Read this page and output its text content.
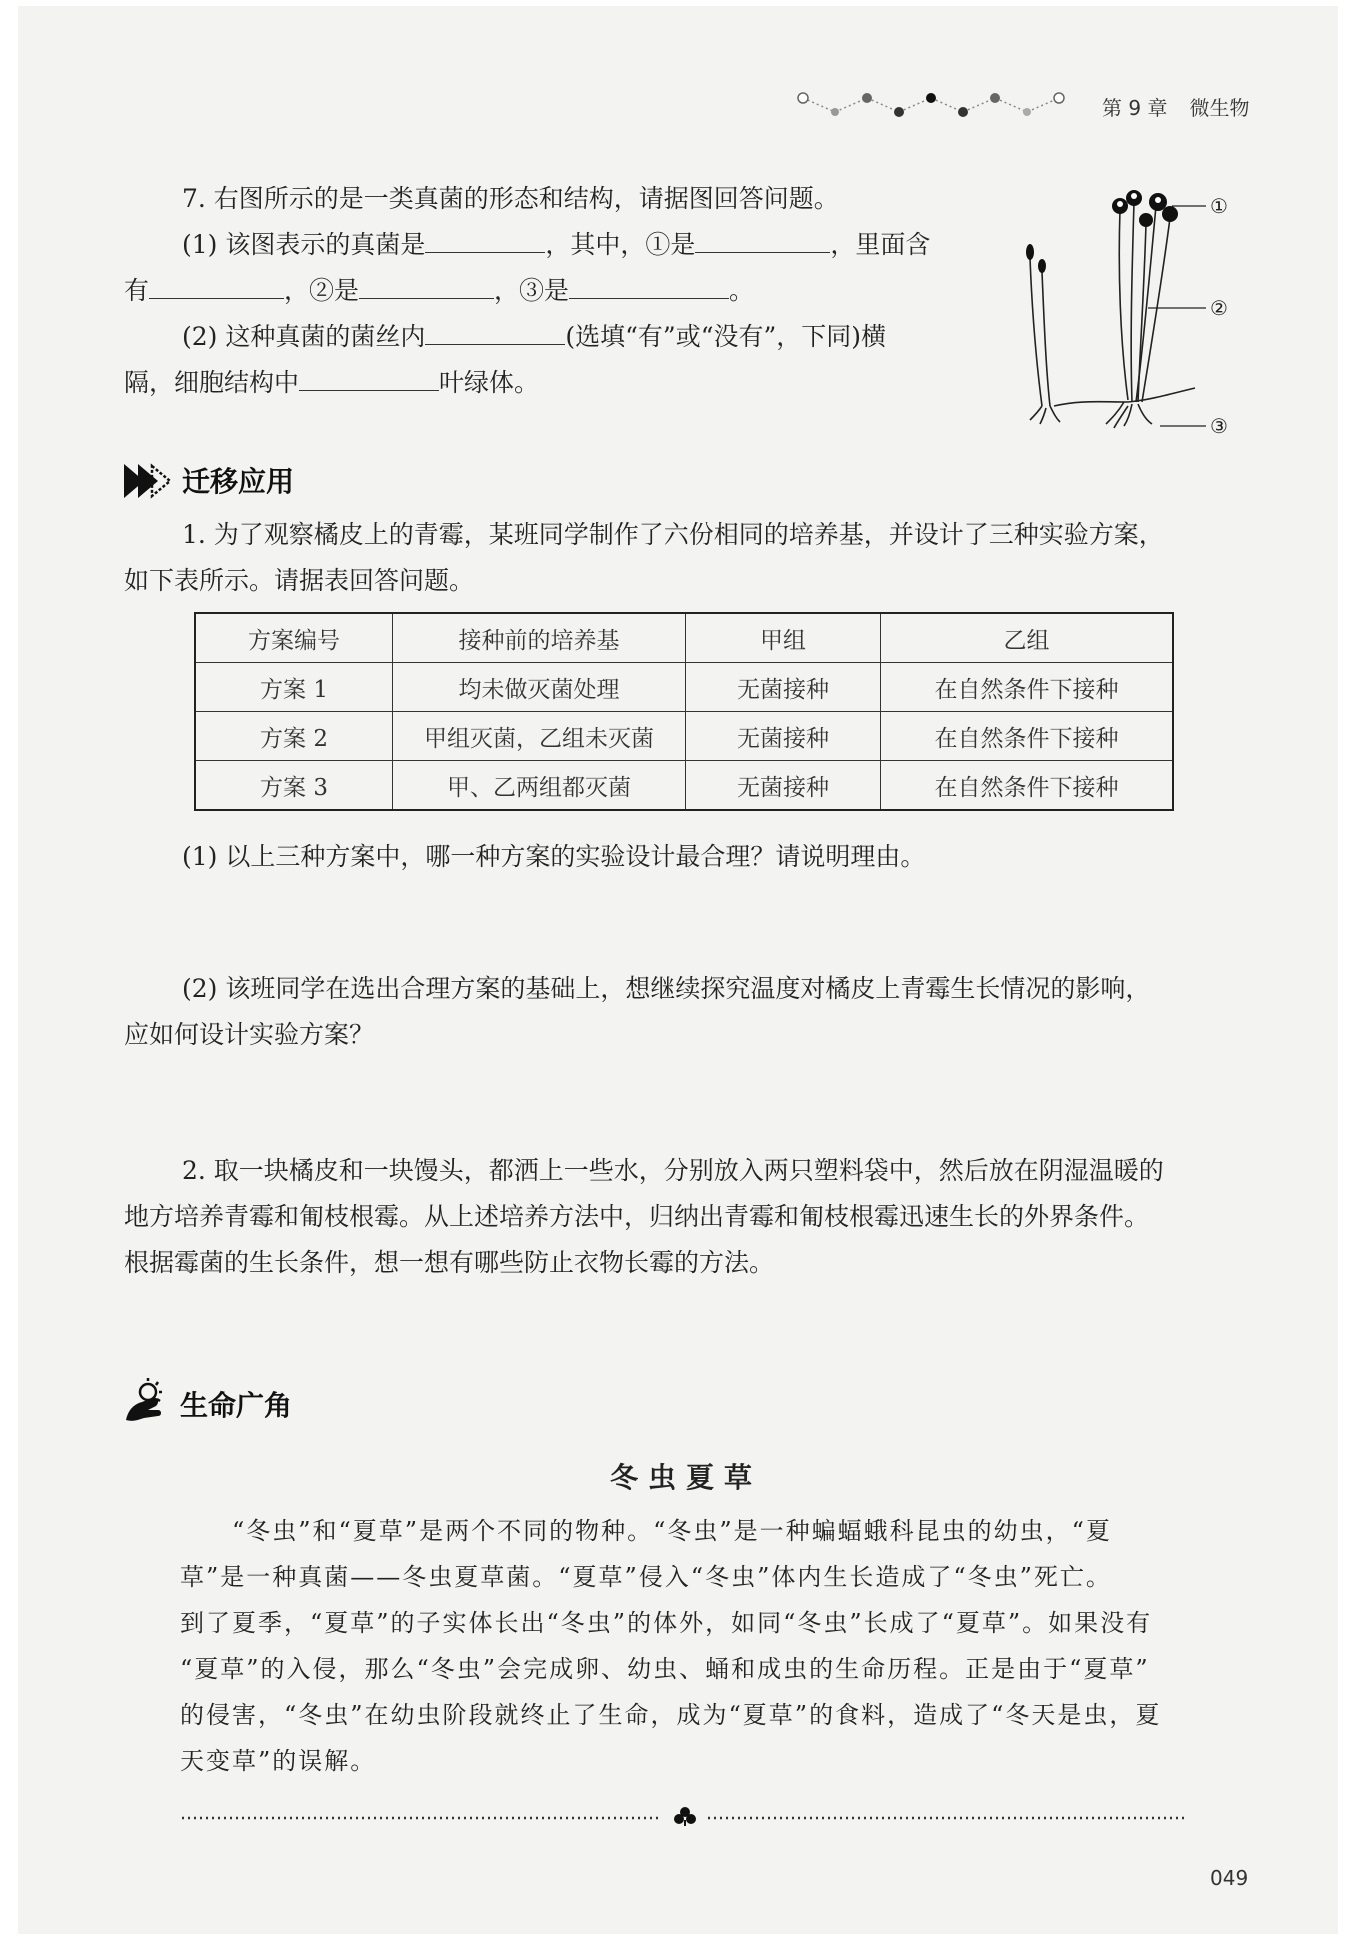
第 9 章 微生物
7. 右图所示的是一类真菌的形态和结构，请据图回答问题。
(1) 该图表示的真菌是	，其中，①是	，里面含
有	，②是	，③是	。
(2) 这种真菌的菌丝内	(选填“有”或“没有”，下同)横
隔，细胞结构中	叶绿体。
①
②
③
迁移应用
1. 为了观察橘皮上的青霉，某班同学制作了六份相同的培养基，并设计了三种实验方案，
如下表所示。请据表回答问题。
方案编号	接种前的培养基	甲组	乙组
方案 1	均未做灭菌处理	无菌接种	在自然条件下接种
方案 2	甲组灭菌，乙组未灭菌	无菌接种	在自然条件下接种
方案 3	甲、乙两组都灭菌	无菌接种	在自然条件下接种
(1) 以上三种方案中，哪一种方案的实验设计最合理？请说明理由。
(2) 该班同学在选出合理方案的基础上，想继续探究温度对橘皮上青霉生长情况的影响，
应如何设计实验方案？
2. 取一块橘皮和一块馒头，都洒上一些水，分别放入两只塑料袋中，然后放在阴湿温暖的
地方培养青霉和匍枝根霉。从上述培养方法中，归纳出青霉和匍枝根霉迅速生长的外界条件。
根据霉菌的生长条件，想一想有哪些防止衣物长霉的方法。
生命广角
冬虫夏草

“冬虫”和“夏草”是两个不同的物种。“冬虫”是一种蝙蝠蛾科昆虫的幼虫，“夏

草”是一种真菌——冬虫夏草菌。“夏草”侵入“冬虫”体内生长造成了“冬虫”死亡。

到了夏季，“夏草”的子实体长出“冬虫”的体外，如同“冬虫”长成了“夏草”。如果没有

“夏草”的入侵，那么“冬虫”会完成卵、幼虫、蛹和成虫的生命历程。正是由于“夏草”

的侵害，“冬虫”在幼虫阶段就终止了生命，成为“夏草”的食料，造成了“冬天是虫，夏

天变草”的误解。

049
